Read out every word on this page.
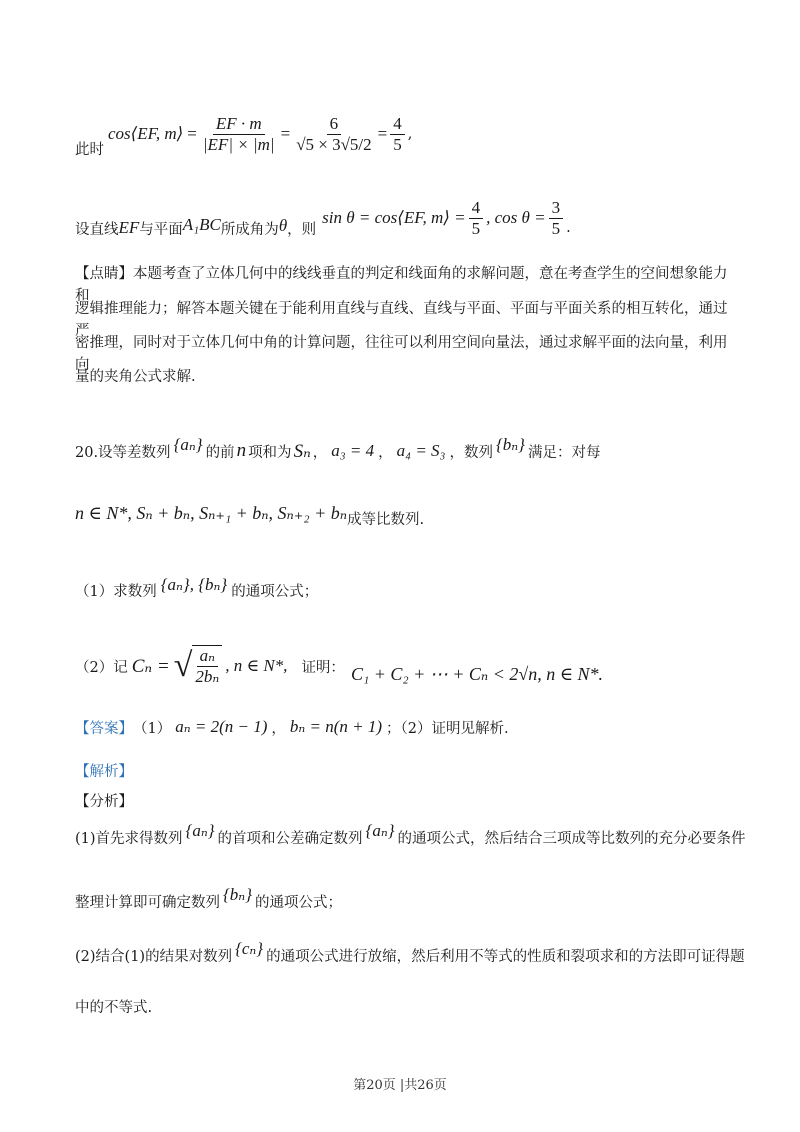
此时
cos⟨EF, m⟩ = $\frac{EF \cdot m}{|EF| \times |m|} = \frac{6}{√5 \times 3√5/2} = \frac{4}{5}$ ,
设直线 EF 与平面 A₁BC 所成角为 θ ，则
sin θ = cos⟨EF, m⟩ = $\frac{4}{5}$ , $\cos \theta = \frac{3}{5}$ .
【点睛】本题考查了立体几何中的线线垂直的判定和线面角的求解问题，意在考查学生的空间想象能力和
逻辑推理能力；解答本题关键在于能利用直线与直线、直线与平面、平面与平面关系的相互转化，通过严
密推理，同时对于立体几何中角的计算问题，往往可以利用空间向量法，通过求解平面的法向量，利用向
量的夹角公式求解.
20.设等差数列 {aₙ} 的前 n 项和为 Sₙ ， a₃ = 4 ， a₄ = S₃ ，数列 {bₙ} 满足：对每
n ∈ N*, Sₙ + bₙ, Sₙ₊₁ + bₙ, Sₙ₊₂ + bₙ 成等比数列.
（1）求数列 {aₙ}, {bₙ} 的通项公式；
（2）记 Cₙ = √ $\frac{\text{aₙ}}{\text{2bₙ}}$ , n ∈ N*, 证明： C₁ + C₂ + ⋯ + Cₙ < 2√n, n ∈ N*.
【答案】 （1） aₙ = 2(n − 1) ， bₙ = n(n + 1) ；（2）证明见解析.
【解析】
【分析】
(1)首先求得数列 {aₙ} 的首项和公差确定数列 {aₙ} 的通项公式，然后结合三项成等比数列的充分必要条件
整理计算即可确定数列 {bₙ} 的通项公式；
(2)结合(1)的结果对数列 {cₙ} 的通项公式进行放缩，然后利用不等式的性质和裂项求和的方法即可证得题
中的不等式.
第20页 |共26页
